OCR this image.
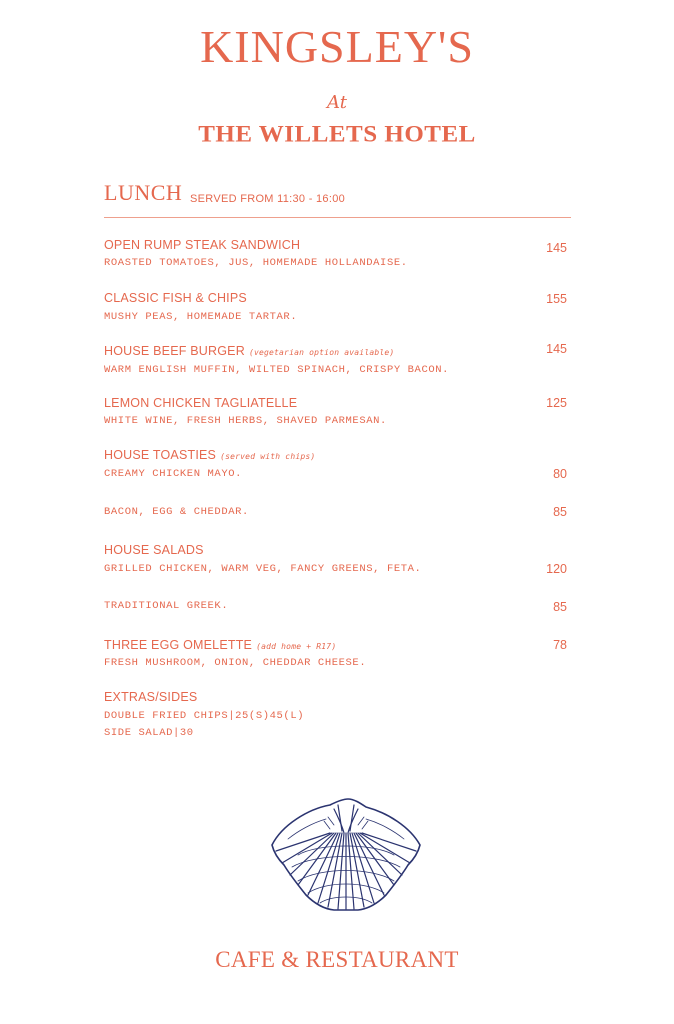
KINGSLEY'S
At
THE WILLETS HOTEL
LUNCH SERVED FROM 11:30 - 16:00
OPEN RUMP STEAK SANDWICH
ROASTED TOMATOES, JUS, HOMEMADE HOLLANDAISE.
145
CLASSIC FISH & CHIPS
MUSHY PEAS, HOMEMADE TARTAR.
155
HOUSE BEEF BURGER (vegetarian option available)
WARM ENGLISH MUFFIN, WILTED SPINACH, CRISPY BACON.
145
LEMON CHICKEN TAGLIATELLE
WHITE WINE, FRESH HERBS, SHAVED PARMESAN.
125
HOUSE TOASTIES (served with chips)
CREAMY CHICKEN MAYO.	80
BACON, EGG & CHEDDAR.	85
HOUSE SALADS
GRILLED CHICKEN, WARM VEG, FANCY GREENS, FETA.	120
TRADITIONAL GREEK.	85
THREE EGG OMELETTE (add home + R17)
FRESH MUSHROOM, ONION, CHEDDAR CHEESE.
78
EXTRAS/SIDES
DOUBLE FRIED CHIPS|25(S)45(L)
SIDE SALAD|30
CAFE & RESTAURANT
